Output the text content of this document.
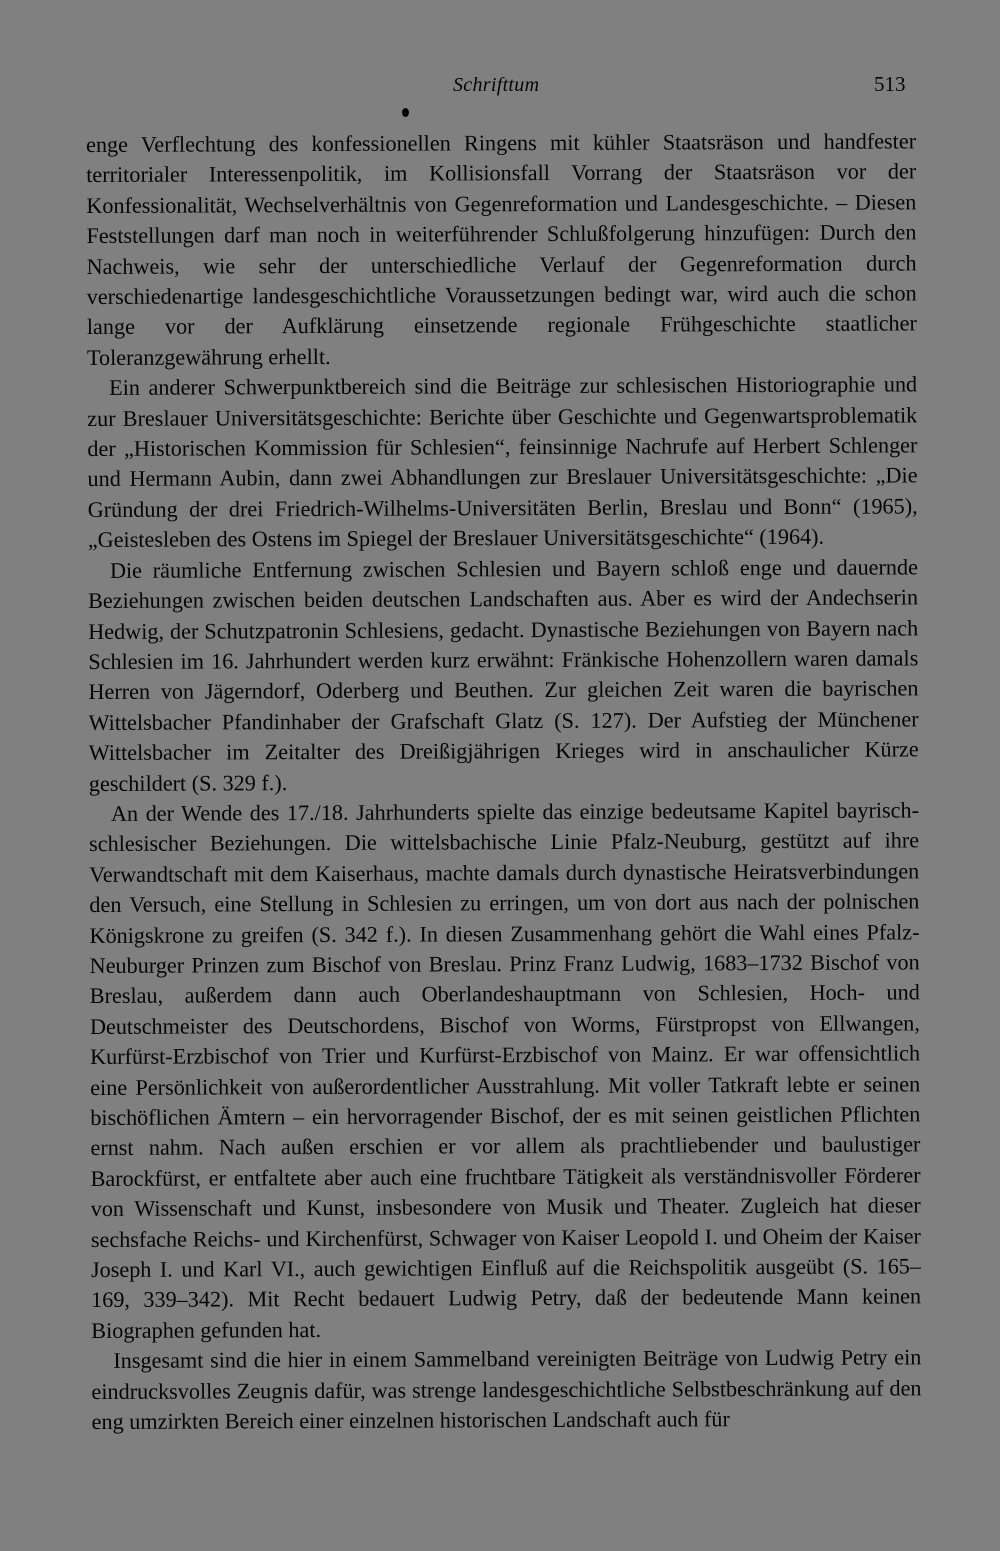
Schrifttum	513

enge Verflechtung des konfessionellen Ringens mit kühler Staatsräson und handfester territorialer Interessenpolitik, im Kollisionsfall Vorrang der Staatsräson vor der Konfessionalität, Wechselverhältnis von Gegenreformation und Landesgeschichte. – Diesen Feststellungen darf man noch in weiterführender Schlußfolgerung hinzufügen: Durch den Nachweis, wie sehr der unterschiedliche Verlauf der Gegenreformation durch verschiedenartige landesgeschichtliche Voraussetzungen bedingt war, wird auch die schon lange vor der Aufklärung einsetzende regionale Frühgeschichte staatlicher Toleranzgewährung erhellt.

Ein anderer Schwerpunktbereich sind die Beiträge zur schlesischen Historiographie und zur Breslauer Universitätsgeschichte: Berichte über Geschichte und Gegenwartsproblematik der „Historischen Kommission für Schlesien“, feinsinnige Nachrufe auf Herbert Schlenger und Hermann Aubin, dann zwei Abhandlungen zur Breslauer Universitätsgeschichte: „Die Gründung der drei Friedrich-Wilhelms-Universitäten Berlin, Breslau und Bonn“ (1965), „Geistesleben des Ostens im Spiegel der Breslauer Universitätsgeschichte“ (1964).

Die räumliche Entfernung zwischen Schlesien und Bayern schloß enge und dauernde Beziehungen zwischen beiden deutschen Landschaften aus. Aber es wird der Andechserin Hedwig, der Schutzpatronin Schlesiens, gedacht. Dynastische Beziehungen von Bayern nach Schlesien im 16. Jahrhundert werden kurz erwähnt: Fränkische Hohenzollern waren damals Herren von Jägerndorf, Oderberg und Beuthen. Zur gleichen Zeit waren die bayrischen Wittelsbacher Pfandinhaber der Grafschaft Glatz (S. 127). Der Aufstieg der Münchener Wittelsbacher im Zeitalter des Dreißigjährigen Krieges wird in anschaulicher Kürze geschildert (S. 329 f.).

An der Wende des 17./18. Jahrhunderts spielte das einzige bedeutsame Kapitel bayrisch-schlesischer Beziehungen. Die wittelsbachische Linie Pfalz-Neuburg, gestützt auf ihre Verwandtschaft mit dem Kaiserhaus, machte damals durch dynastische Heiratsverbindungen den Versuch, eine Stellung in Schlesien zu erringen, um von dort aus nach der polnischen Königskrone zu greifen (S. 342 f.). In diesen Zusammenhang gehört die Wahl eines Pfalz-Neuburger Prinzen zum Bischof von Breslau. Prinz Franz Ludwig, 1683–1732 Bischof von Breslau, außerdem dann auch Oberlandeshauptmann von Schlesien, Hoch- und Deutschmeister des Deutschordens, Bischof von Worms, Fürstpropst von Ellwangen, Kurfürst-Erzbischof von Trier und Kurfürst-Erzbischof von Mainz. Er war offensichtlich eine Persönlichkeit von außerordentlicher Ausstrahlung. Mit voller Tatkraft lebte er seinen bischöflichen Ämtern – ein hervorragender Bischof, der es mit seinen geistlichen Pflichten ernst nahm. Nach außen erschien er vor allem als prachtliebender und baulustiger Barockfürst, er entfaltete aber auch eine fruchtbare Tätigkeit als verständnisvoller Förderer von Wissenschaft und Kunst, insbesondere von Musik und Theater. Zugleich hat dieser sechsfache Reichs- und Kirchenfürst, Schwager von Kaiser Leopold I. und Oheim der Kaiser Joseph I. und Karl VI., auch gewichtigen Einfluß auf die Reichspolitik ausgeübt (S. 165–169, 339–342). Mit Recht bedauert Ludwig Petry, daß der bedeutende Mann keinen Biographen gefunden hat.

Insgesamt sind die hier in einem Sammelband vereinigten Beiträge von Ludwig Petry ein eindrucksvolles Zeugnis dafür, was strenge landesgeschichtliche Selbstbeschränkung auf den eng umzirkten Bereich einer einzelnen historischen Landschaft auch für
